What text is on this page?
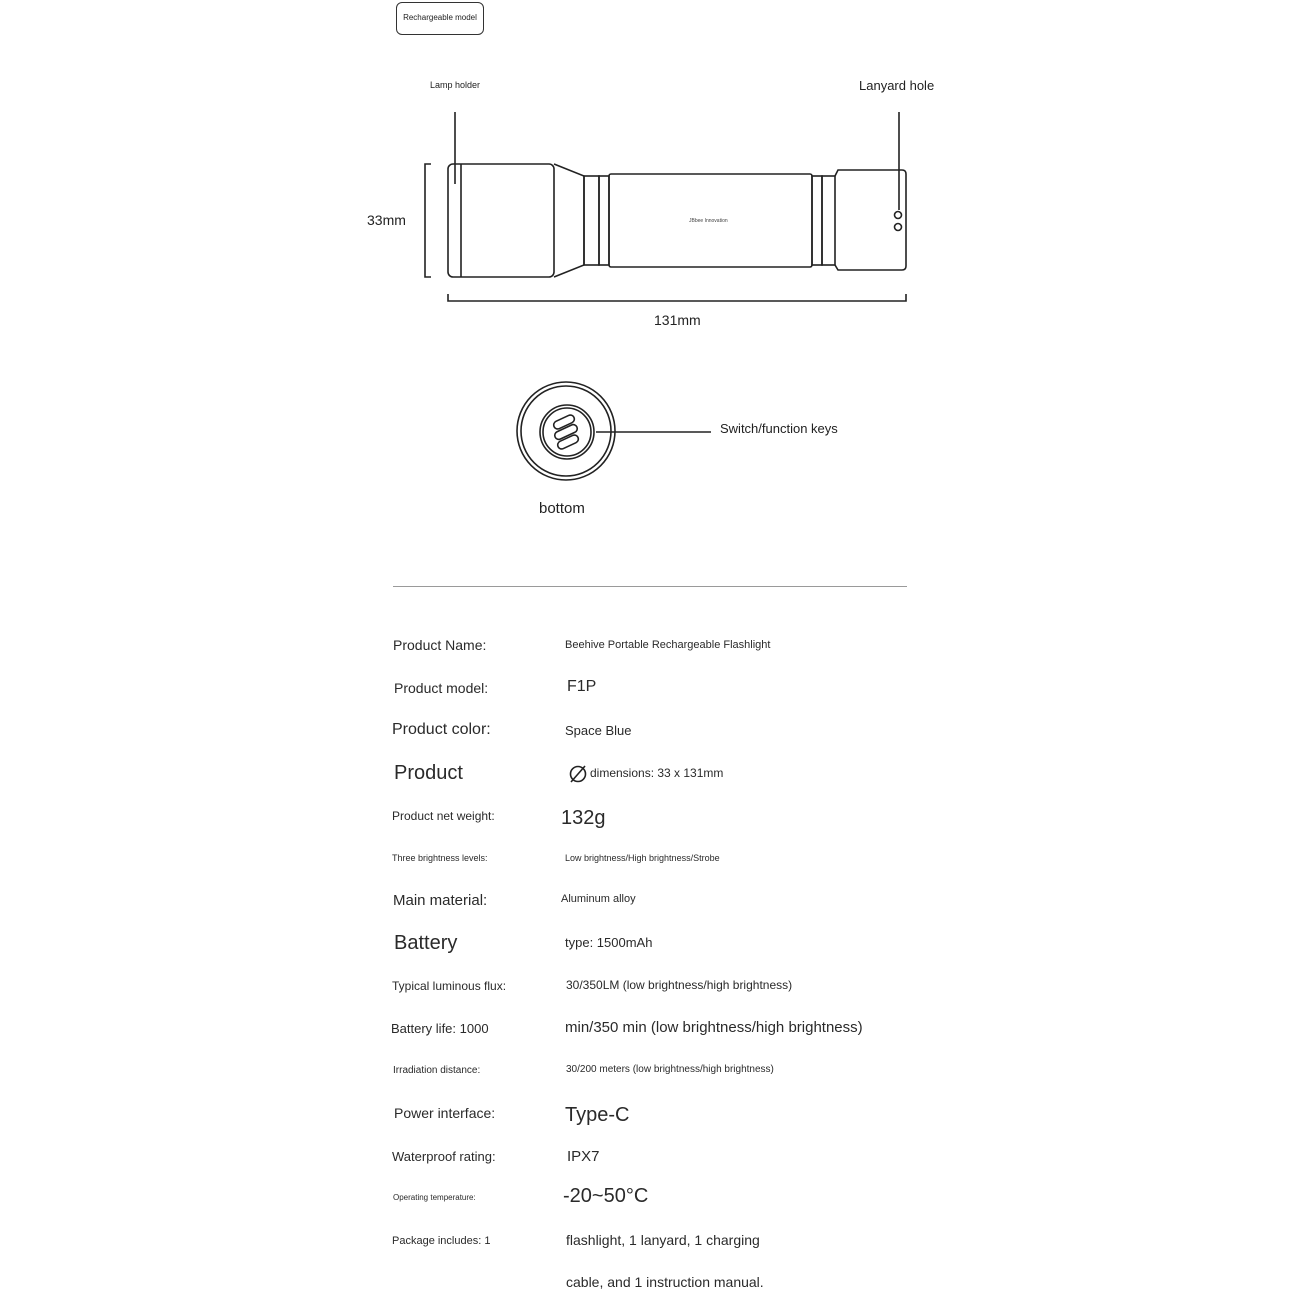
Rechargeable model
Lamp holder	Lanyard hole
33mm
131mm
JBbee Innovation
Switch/function keys
bottom
Product Name:	Beehive Portable Rechargeable Flashlight
Product model:	F1P
Product color:	Space Blue
Product	dimensions: 33 x 131mm
Product net weight:	132g
Three brightness levels:	Low brightness/High brightness/Strobe
Main material:	Aluminum alloy
Battery	type: 1500mAh
Typical luminous flux:	30/350LM (low brightness/high brightness)
Battery life: 1000	min/350 min (low brightness/high brightness)
Irradiation distance:	30/200 meters (low brightness/high brightness)
Power interface:	Type-C
Waterproof rating:	IPX7
Operating temperature:	-20~50°C
Package includes: 1	flashlight, 1 lanyard, 1 charging
cable, and 1 instruction manual.
